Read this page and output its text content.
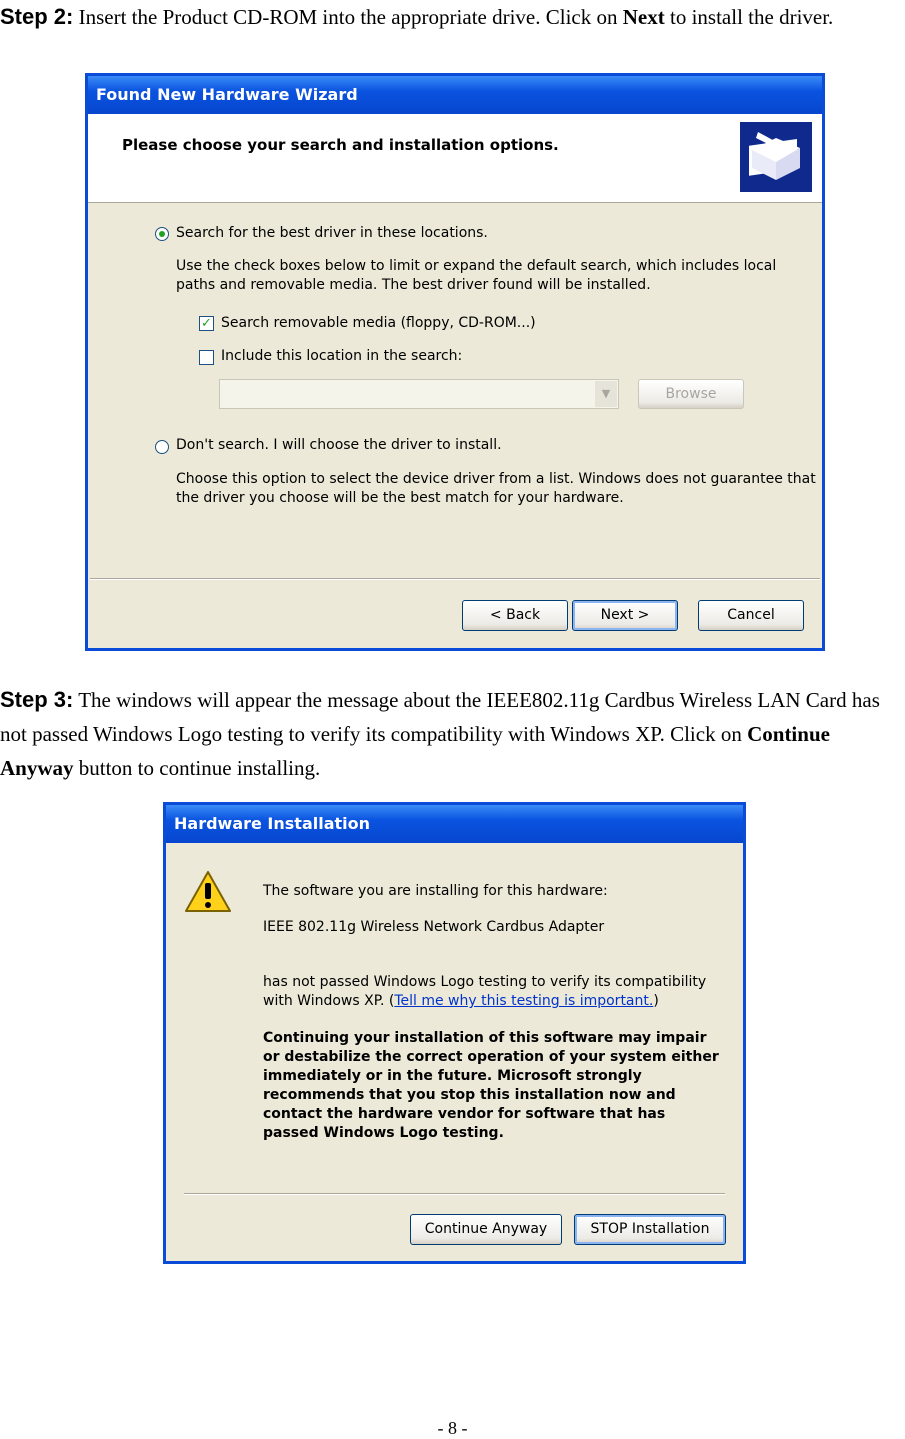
Step 2: Insert the Product CD-ROM into the appropriate drive. Click on Next to install the driver.
Found New Hardware Wizard
Please choose your search and installation options.
Search for the best driver in these locations.
Use the check boxes below to limit or expand the default search, which includes local paths and removable media. The best driver found will be installed.
✓ Search removable media (floppy, CD-ROM...)
Include this location in the search:
▼	Browse
Don't search. I will choose the driver to install.
Choose this option to select the device driver from a list. Windows does not guarantee that the driver you choose will be the best match for your hardware.
< Back	Next >	Cancel
Step 3: The windows will appear the message about the IEEE802.11g Cardbus Wireless LAN Card has not passed Windows Logo testing to verify its compatibility with Windows XP. Click on Continue Anyway button to continue installing.
Hardware Installation
The software you are installing for this hardware:
IEEE 802.11g Wireless Network Cardbus Adapter
has not passed Windows Logo testing to verify its compatibility
with Windows XP. (Tell me why this testing is important.)
Continuing your installation of this software may impair or destabilize the correct operation of your system either immediately or in the future. Microsoft strongly recommends that you stop this installation now and contact the hardware vendor for software that has passed Windows Logo testing.
Continue Anyway	STOP Installation
- 8 -
